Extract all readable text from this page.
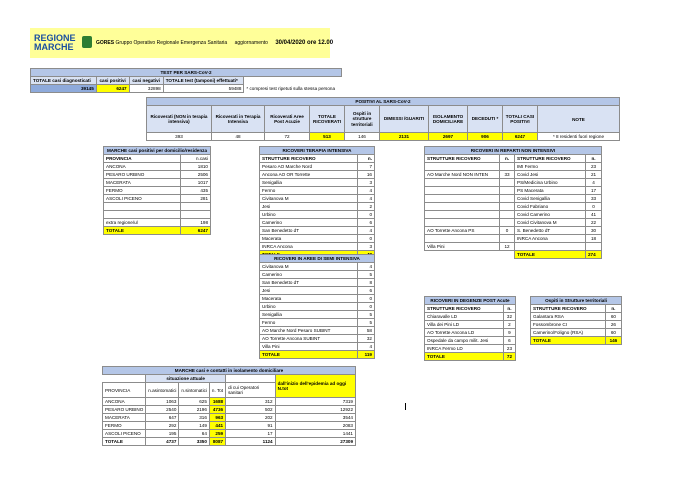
REGIONE
MARCHE	GORES Gruppo Operativo Regionale Emergenza Sanitaria aggiornamento 30/04/2020 ore 12.00
TEST PER SARS-CoV-2				
TOTALE casi diagnosticati	casi positivi	casi negativi	TOTALE test (tamponi) effettuati*	
39145	6247	32898	59488	* compresi test ripetuti sulla stessa persona
POSITIVI AL SARS-CoV-2									
Ricoverati (NON in terapia intensiva)	Ricoverati in Terapia Intensiva	Ricoverati Aree Post Acuzie	TOTALE RICOVERATI	Ospiti in strutture territoriali	DIMESSI /GUARITI	ISOLAMENTO DOMICILIARE	DECEDUTI *	TOTALI CASI POSITIVI	NOTE
393	48	72	513	146	2131	2697	906	6247	* 8 residenti fuori regione
MARCHE casi positivi per domicilio/residenza	
PROVINCIA	n.casi
ANCONA	1810
PESARO URBINO	2506
MACERATA	1017
FERMO	435
ASCOLI PICENO	281

extra regione/ul	198
TOTALE	6247
RICOVERI TERAPIA INTENSIVA	
STRUTTURE RICOVERO	n.
Pesaro AO Marche Nord	7
Ancona AO OR Torrette	16
Senigallia	3
Fermo	4
Civitanova M	4
Jesi	2
Urbino	0
Camerino	6
San Benedetto dT	4
Macerata	0
INRCA Ancona	3

RICOVERI IN REPARTI NON INTENSIVI			
STRUTTURE RICOVERO	n.	STRUTTURE RICOVERO	n.
		IMI Fermo	23
AO Marche Nord NON INTEN	33	Covid Jesi	21
		PS/Medicina Urbino	4
		PS Macerata	17
		Covid Senigallia	33
		Covid Fabriano	0
		Covid Camerino	41
		Covid Civitanova M	22
AO Torrette Ancona PS	0	S. Benedetto dT	30
		INRCA Ancona	18
Villa Pini	12		
		TOTALE	274
RICOVERI IN AREE DI SEMI INTENSIVA	
Civitanova M	4
Camerino	5
San Benedetto dT	8
Jesi	6
Macerata	0
Urbino	0
Senigallia	5
Fermo	5
AO Marche Nord Pesaro SUBINT	58
AO Torrette Ancona SUBINT	32
Villa Pini	4
TOTALE	119
RICOVERI IN DEGENZE POST Acute	
STRUTTURE RICOVERO	n.
Chiaravalle LD	32
Villa dei Pini LD	2
AO Torrette Ancona LD	9
Ospedale da campo milit. Jesi	6
INRCA Fermo LD	23
TOTALE	72
Ospiti in Strutture territoriali	
STRUTTURE RICOVERO	n.
Galantara RSA	60
Fossombrone CI	26
Camerino/Foligno (RSA)	60
TOTALE	146
MARCHE casi e contatti in isolamento domiciliare					
	situazione attuale				dall'inizio dell'epidemia ad oggi N.tot
PROVINCIA	n.asintomatici	n.sintomatici	n. Tot	di cui Operatori sanitari	
ANCONA	1063	625	1688	312	7319
PESARO URBINO	2540	2196	4736	502	12922
MACERATA	647	316	963	202	3544
FERMO	292	149	441	91	2083
ASCOLI PICENO	195	64	259	17	1441
TOTALE	4737	3350	8087	1124	27309
